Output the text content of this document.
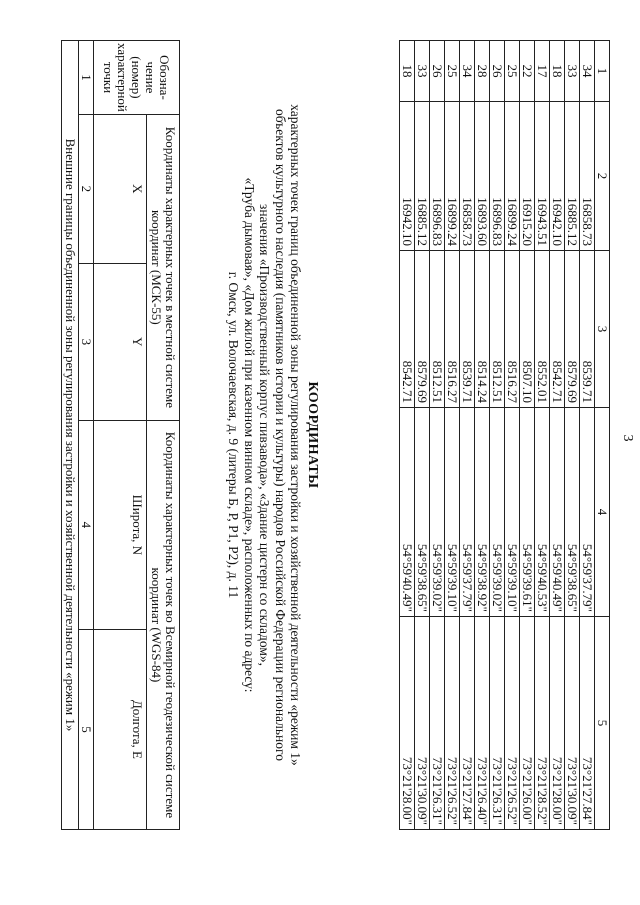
3
1	2	3	4	5
34	16858.73	8539.71	54°59'37.79"	73°21'27.84"
33	16885.12	8579.69	54°59'38.65"	73°21'30.09"
18	16942.10	8542.71	54°59'40.49"	73°21'28.00"
17	16943.51	8552.01	54°59'40.53"	73°21'28.52"
22	16915.20	8507.10	54°59'39.61"	73°21'26.00"
25	16899.24	8516.27	54°59'39.10"	73°21'26.52"
26	16896.83	8512.51	54°59'39.02"	73°21'26.31"
28	16893.60	8514.24	54°59'38.92"	73°21'26.40"
34	16858.73	8539.71	54°59'37.79"	73°21'27.84"
25	16899.24	8516.27	54°59'39.10"	73°21'26.52"
26	16896.83	8512.51	54°59'39.02"	73°21'26.31"
33	16885.12	8579.69	54°59'38.65"	73°21'30.09"
18	16942.10	8542.71	54°59'40.49"	73°21'28.00"
КООРДИНАТЫ
характерных точек границ объединенной зоны регулирования застройки и хозяйственной деятельности «режим 1»
объектов культурного наследия (памятников истории и культуры) народов Российской Федерации регионального
значения «Производственный корпус пивзавода», «Здание цистерн со складом»,
«Труба дымовая», «Дом жилой при казенном винном складе», расположенных по адресу:
г. Омск, ул. Волочаевская, д. 9 (литеры Б, Р, Р1, Р2), д. 11
Обозна-чение (номер) характерной точки	Координаты характерных точек в местной системе координат (МСК-55)		Координаты характерных точек во Всемирной геодезической системе координат (WGS-84)	
	X	Y	Широта, N	Долгота, E
1	2	3	4	5
Внешние границы объединенной зоны регулирования застройки и хозяйственной деятельности «режим 1»				
